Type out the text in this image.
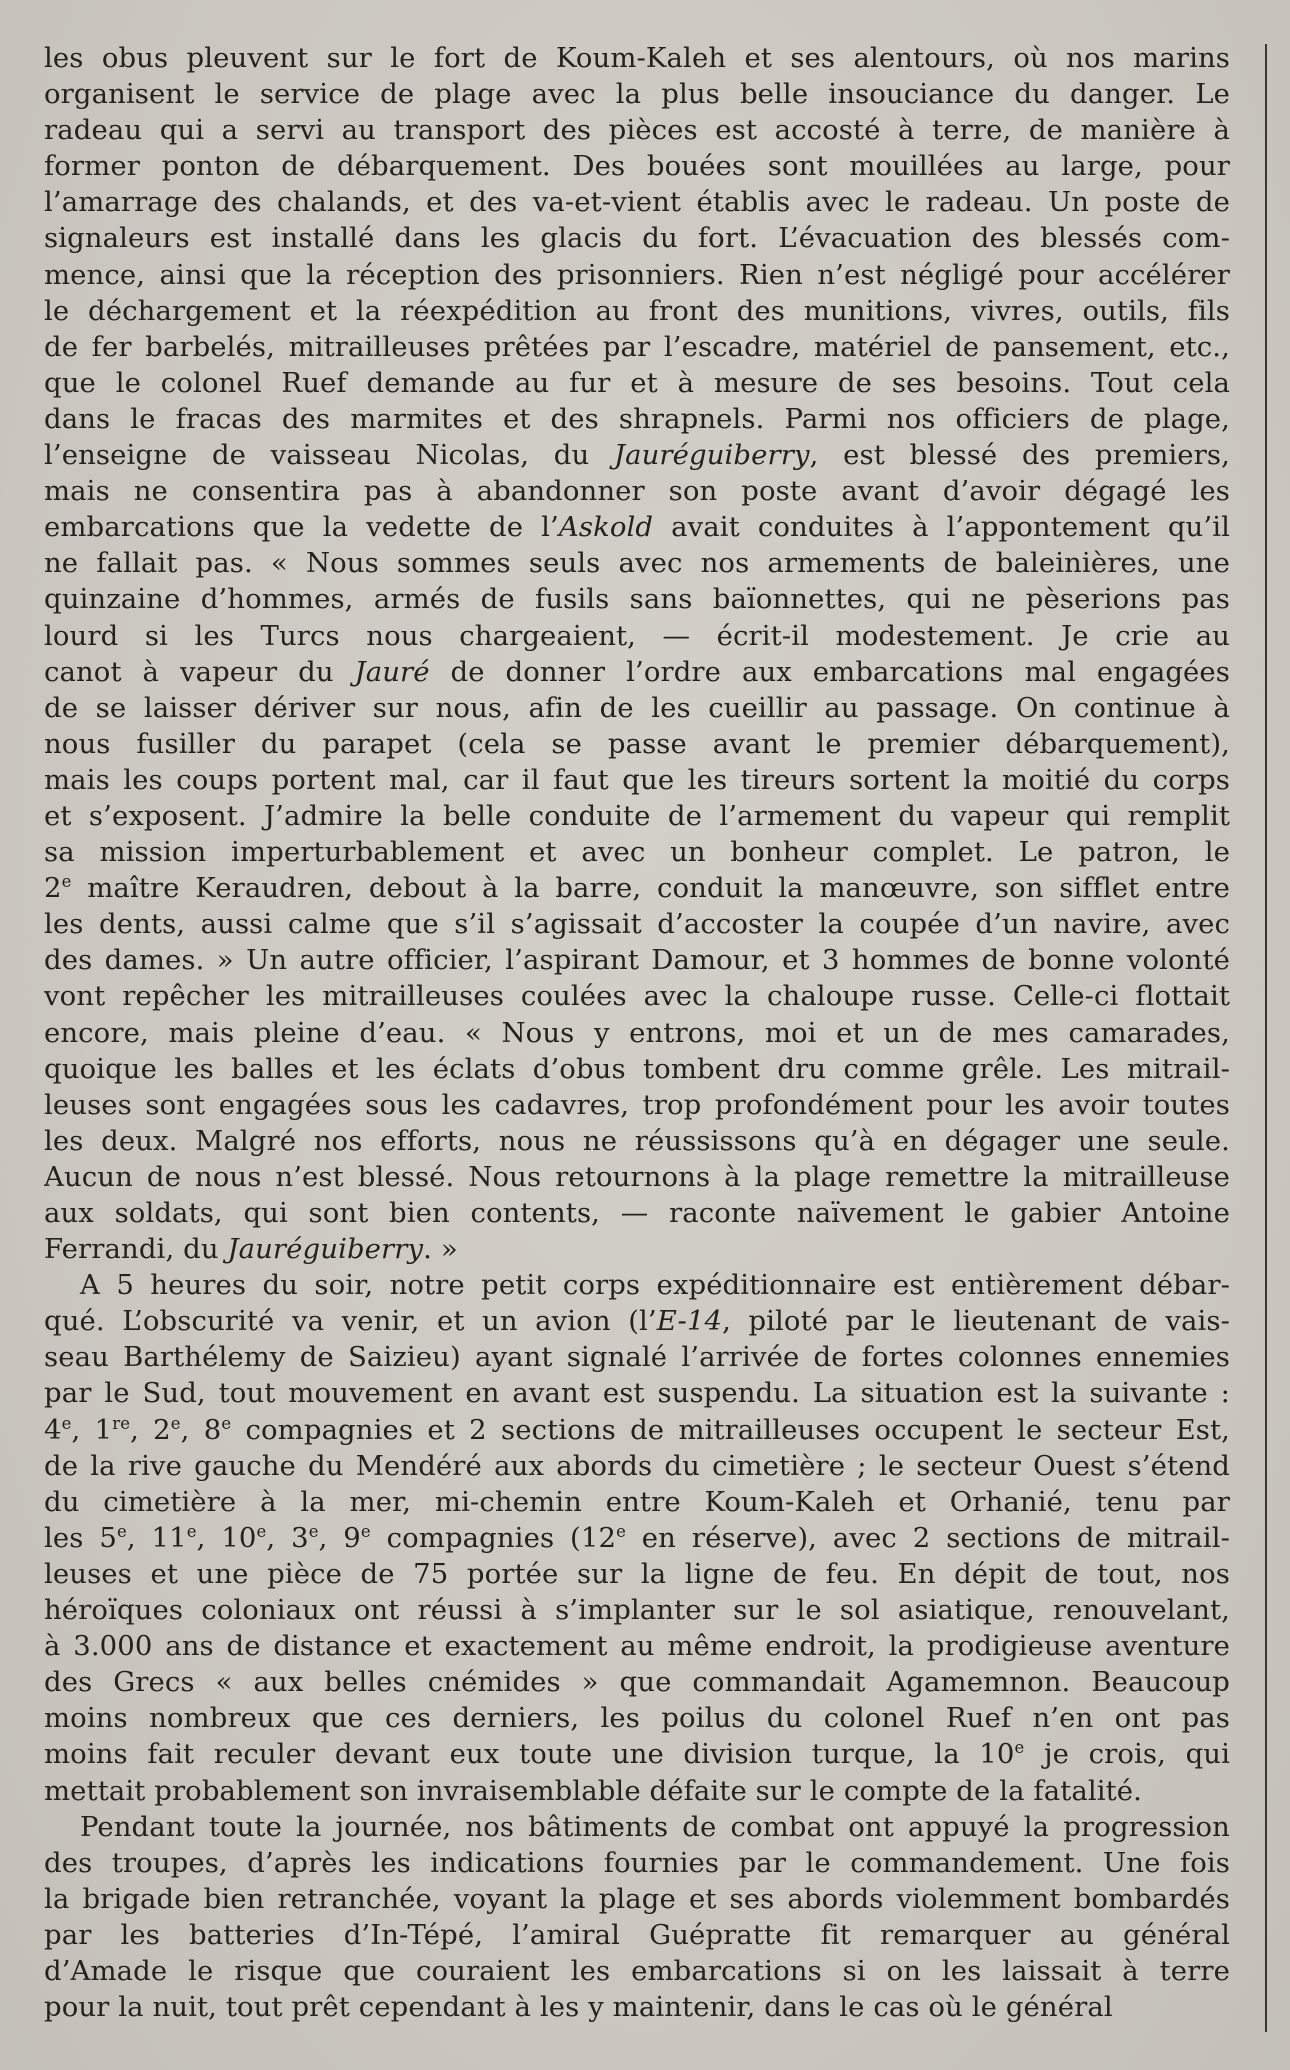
les obus pleuvent sur le fort de Koum-Kaleh et ses alentours, où nos marins
organisent le service de plage avec la plus belle insouciance du danger. Le
radeau qui a servi au transport des pièces est accosté à terre, de manière à
former ponton de débarquement. Des bouées sont mouillées au large, pour
l’amarrage des chalands, et des va-et-vient établis avec le radeau. Un poste de
signaleurs est installé dans les glacis du fort. L’évacuation des blessés com-
mence, ainsi que la réception des prisonniers. Rien n’est négligé pour accélérer
le déchargement et la réexpédition au front des munitions, vivres, outils, fils
de fer barbelés, mitrailleuses prêtées par l’escadre, matériel de pansement, etc.,
que le colonel Ruef demande au fur et à mesure de ses besoins. Tout cela
dans le fracas des marmites et des shrapnels. Parmi nos officiers de plage,
l’enseigne de vaisseau Nicolas, du Jauréguiberry, est blessé des premiers,
mais ne consentira pas à abandonner son poste avant d’avoir dégagé les
embarcations que la vedette de l’Askold avait conduites à l’appontement qu’il
ne fallait pas. « Nous sommes seuls avec nos armements de baleinières, une
quinzaine d’hommes, armés de fusils sans baïonnettes, qui ne pèserions pas
lourd si les Turcs nous chargeaient, — écrit-il modestement. Je crie au
canot à vapeur du Jauré de donner l’ordre aux embarcations mal engagées
de se laisser dériver sur nous, afin de les cueillir au passage. On continue à
nous fusiller du parapet (cela se passe avant le premier débarquement),
mais les coups portent mal, car il faut que les tireurs sortent la moitié du corps
et s’exposent. J’admire la belle conduite de l’armement du vapeur qui remplit
sa mission imperturbablement et avec un bonheur complet. Le patron, le
2e maître Keraudren, debout à la barre, conduit la manœuvre, son sifflet entre
les dents, aussi calme que s’il s’agissait d’accoster la coupée d’un navire, avec
des dames. » Un autre officier, l’aspirant Damour, et 3 hommes de bonne volonté
vont repêcher les mitrailleuses coulées avec la chaloupe russe. Celle-ci flottait
encore, mais pleine d’eau. « Nous y entrons, moi et un de mes camarades,
quoique les balles et les éclats d’obus tombent dru comme grêle. Les mitrail-
leuses sont engagées sous les cadavres, trop profondément pour les avoir toutes
les deux. Malgré nos efforts, nous ne réussissons qu’à en dégager une seule.
Aucun de nous n’est blessé. Nous retournons à la plage remettre la mitrailleuse
aux soldats, qui sont bien contents, — raconte naïvement le gabier Antoine
Ferrandi, du Jauréguiberry. »
A 5 heures du soir, notre petit corps expéditionnaire est entièrement débar-
qué. L’obscurité va venir, et un avion (l’E-14, piloté par le lieutenant de vais-
seau Barthélemy de Saizieu) ayant signalé l’arrivée de fortes colonnes ennemies
par le Sud, tout mouvement en avant est suspendu. La situation est la suivante :
4e, 1re, 2e, 8e compagnies et 2 sections de mitrailleuses occupent le secteur Est,
de la rive gauche du Mendéré aux abords du cimetière ; le secteur Ouest s’étend
du cimetière à la mer, mi-chemin entre Koum-Kaleh et Orhanié, tenu par
les 5e, 11e, 10e, 3e, 9e compagnies (12e en réserve), avec 2 sections de mitrail-
leuses et une pièce de 75 portée sur la ligne de feu. En dépit de tout, nos
héroïques coloniaux ont réussi à s’implanter sur le sol asiatique, renouvelant,
à 3.000 ans de distance et exactement au même endroit, la prodigieuse aventure
des Grecs « aux belles cnémides » que commandait Agamemnon. Beaucoup
moins nombreux que ces derniers, les poilus du colonel Ruef n’en ont pas
moins fait reculer devant eux toute une division turque, la 10e je crois, qui
mettait probablement son invraisemblable défaite sur le compte de la fatalité.
Pendant toute la journée, nos bâtiments de combat ont appuyé la progression
des troupes, d’après les indications fournies par le commandement. Une fois
la brigade bien retranchée, voyant la plage et ses abords violemment bombardés
par les batteries d’In-Tépé, l’amiral Guépratte fit remarquer au général
d’Amade le risque que couraient les embarcations si on les laissait à terre
pour la nuit, tout prêt cependant à les y maintenir, dans le cas où le général
